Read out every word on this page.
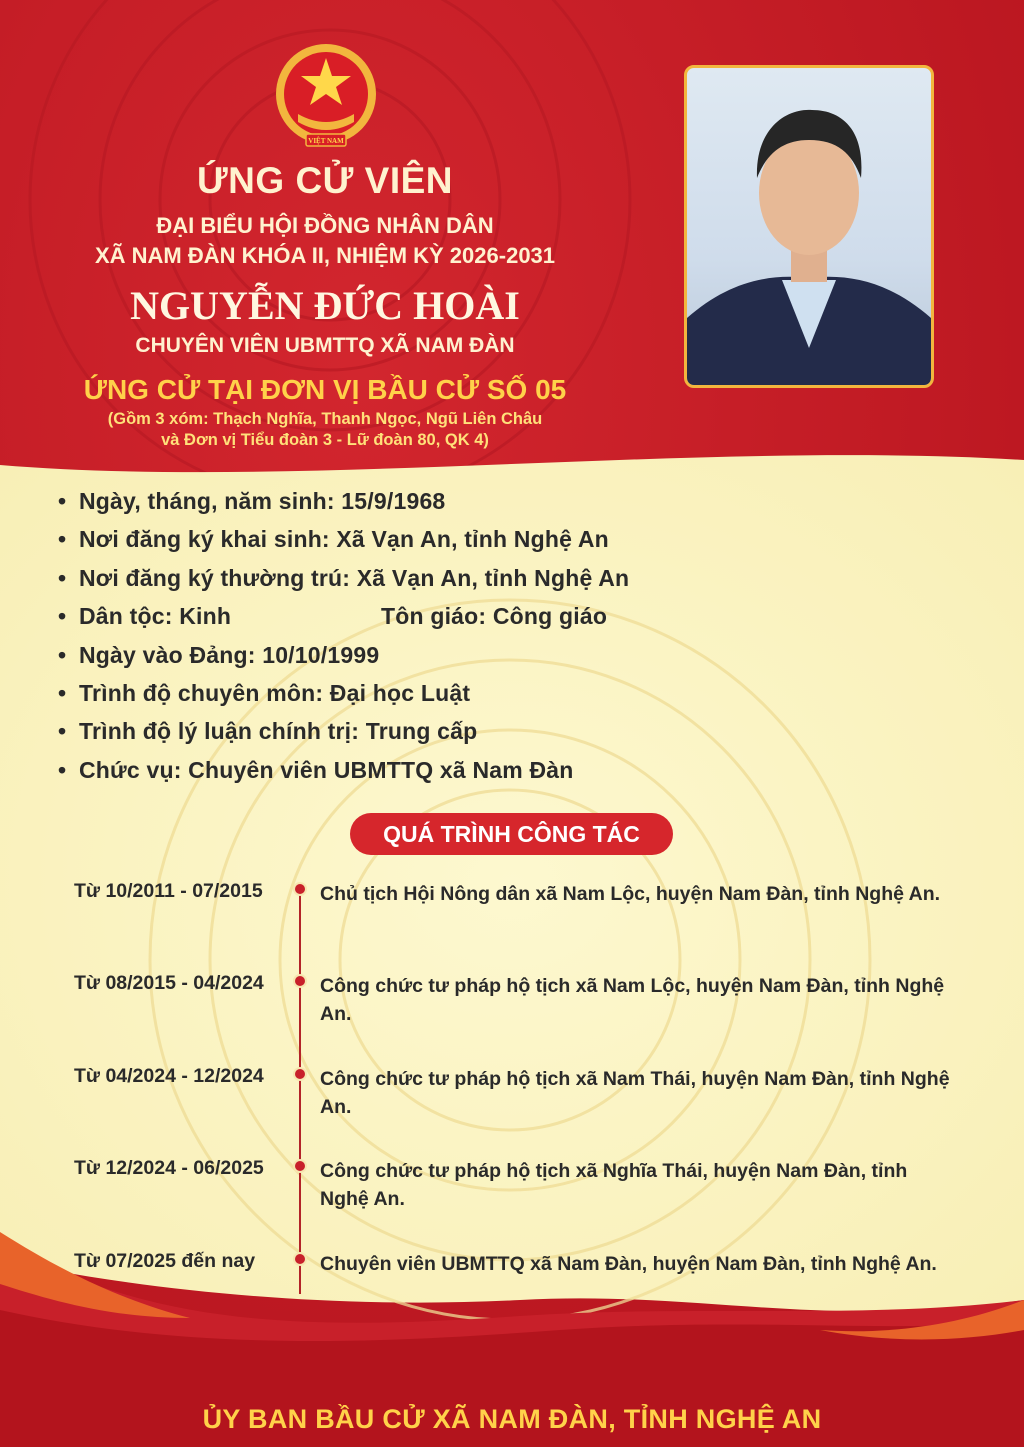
VIỆT NAM
ỨNG CỬ VIÊN
ĐẠI BIỂU HỘI ĐỒNG NHÂN DÂN
XÃ NAM ĐÀN KHÓA II, NHIỆM KỲ 2026-2031
NGUYỄN ĐỨC HOÀI
CHUYÊN VIÊN UBMTTQ XÃ NAM ĐÀN
ỨNG CỬ TẠI ĐƠN VỊ BẦU CỬ SỐ 05
(Gồm 3 xóm: Thạch Nghĩa, Thanh Ngọc, Ngũ Liên Châu
và Đơn vị Tiểu đoàn 3 - Lữ đoàn 80, QK 4)
• Ngày, tháng, năm sinh: 15/9/1968
• Nơi đăng ký khai sinh: Xã Vạn An, tỉnh Nghệ An
• Nơi đăng ký thường trú: Xã Vạn An, tỉnh Nghệ An
• Dân tộc: Kinh	Tôn giáo: Công giáo
• Ngày vào Đảng: 10/10/1999
• Trình độ chuyên môn: Đại học Luật
• Trình độ lý luận chính trị: Trung cấp
• Chức vụ: Chuyên viên UBMTTQ xã Nam Đàn
QUÁ TRÌNH CÔNG TÁC
Từ 10/2011 - 07/2015	Chủ tịch Hội Nông dân xã Nam Lộc, huyện Nam Đàn, tỉnh Nghệ An.
Từ 08/2015 - 04/2024	Công chức tư pháp hộ tịch xã Nam Lộc, huyện Nam Đàn, tỉnh Nghệ An.
Từ 04/2024 - 12/2024	Công chức tư pháp hộ tịch xã Nam Thái, huyện Nam Đàn, tỉnh Nghệ An.
Từ 12/2024 - 06/2025	Công chức tư pháp hộ tịch xã Nghĩa Thái, huyện Nam Đàn, tỉnh Nghệ An.
Từ 07/2025 đến nay	Chuyên viên UBMTTQ xã Nam Đàn, huyện Nam Đàn, tỉnh Nghệ An.
ỦY BAN BẦU CỬ XÃ NAM ĐÀN, TỈNH NGHỆ AN
